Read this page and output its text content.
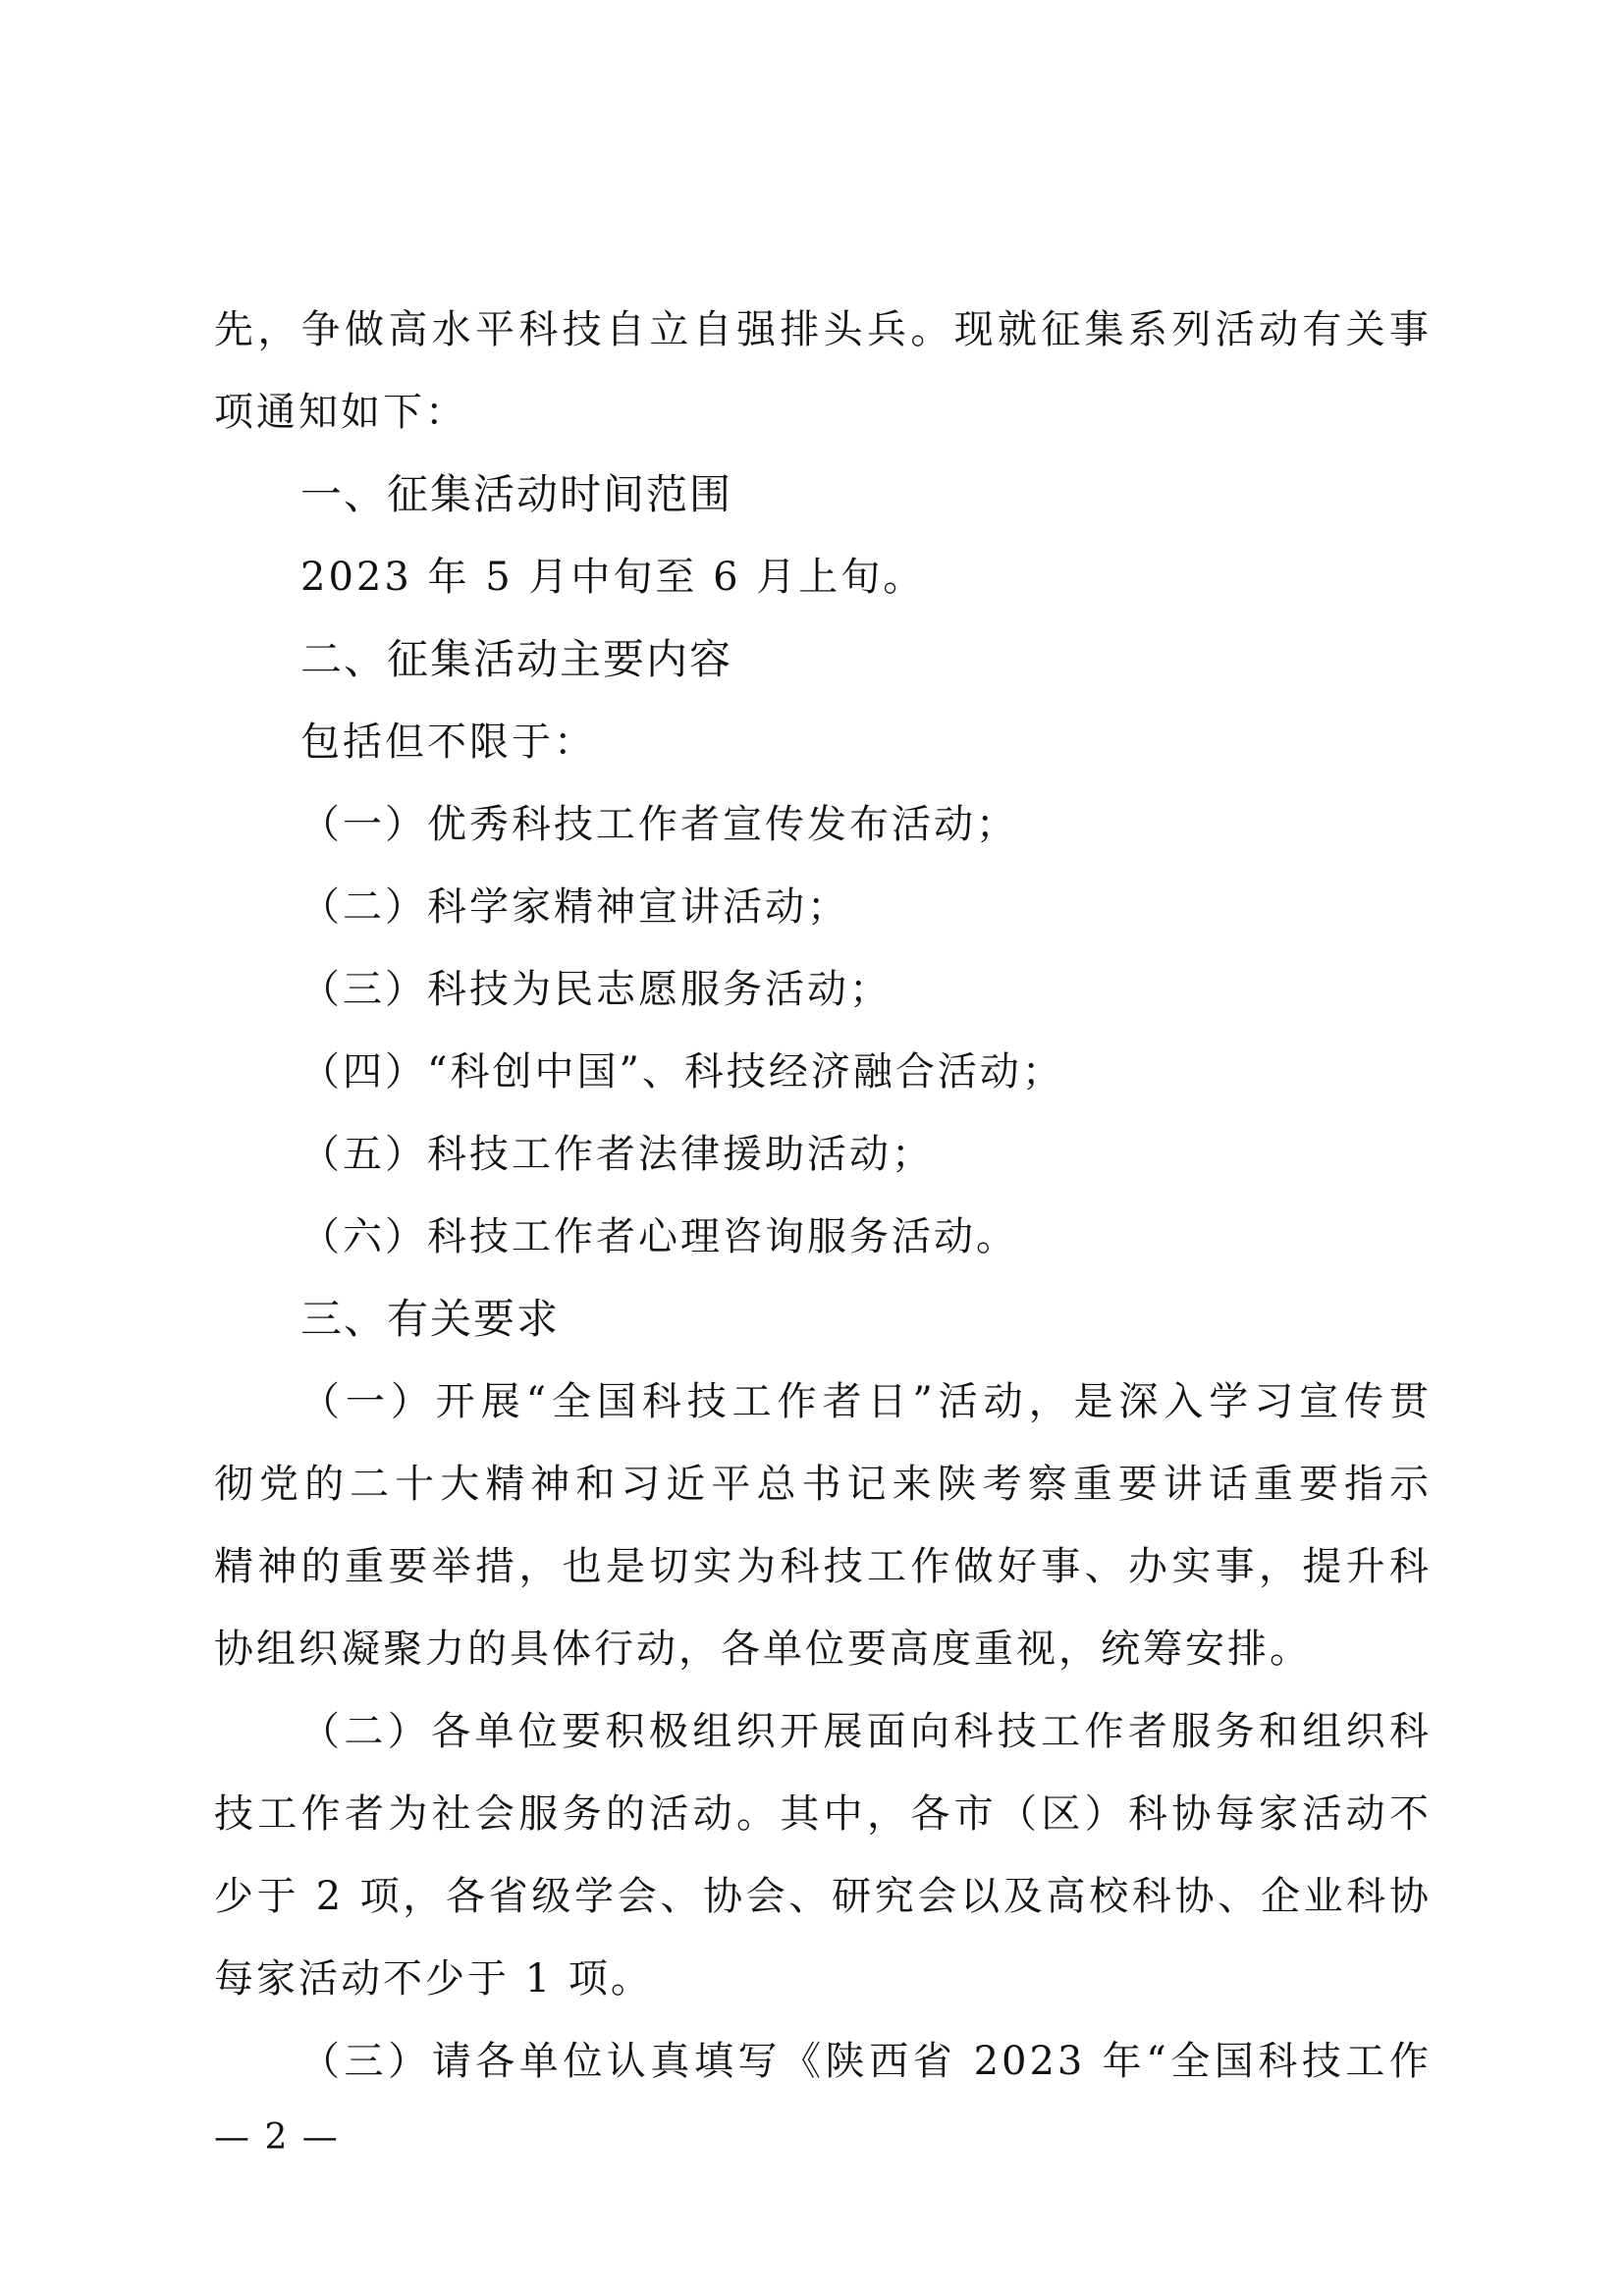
先，争做高水平科技自立自强排头兵。现就征集系列活动有关事
项通知如下：
一、征集活动时间范围
2023 年 5 月中旬至 6 月上旬。
二、征集活动主要内容
包括但不限于：
（一）优秀科技工作者宣传发布活动；
（二）科学家精神宣讲活动；
（三）科技为民志愿服务活动；
（四）“科创中国”、科技经济融合活动；
（五）科技工作者法律援助活动；
（六）科技工作者心理咨询服务活动。
三、有关要求
（一）开展“全国科技工作者日”活动，是深入学习宣传贯
彻党的二十大精神和习近平总书记来陕考察重要讲话重要指示
精神的重要举措，也是切实为科技工作做好事、办实事，提升科
协组织凝聚力的具体行动，各单位要高度重视，统筹安排。
（二）各单位要积极组织开展面向科技工作者服务和组织科
技工作者为社会服务的活动。其中，各市（区）科协每家活动不
少于 2 项，各省级学会、协会、研究会以及高校科协、企业科协
每家活动不少于 1 项。
（三）请各单位认真填写《陕西省 2023 年“全国科技工作
— 2 —
